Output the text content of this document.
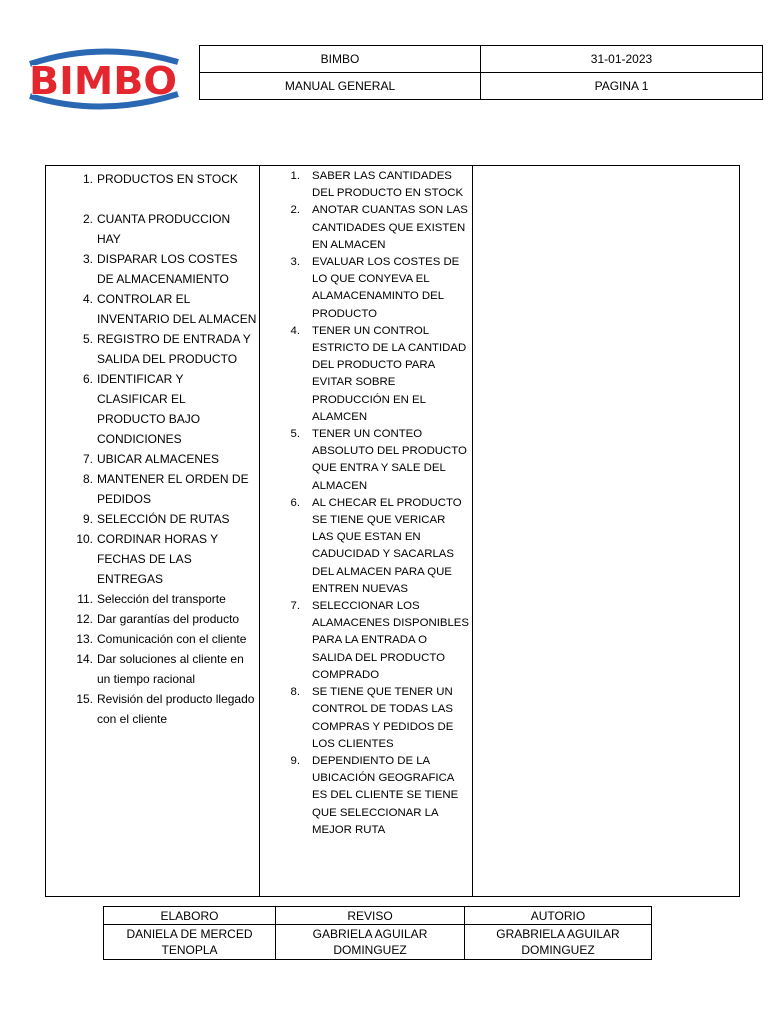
BIMBO	BIMBO	31-01-2023
MANUAL GENERAL	PAGINA 1
1. PRODUCTOS EN STOCK
2. CUANTA PRODUCCION HAY
3. DISPARAR LOS COSTES DE ALMACENAMIENTO
4. CONTROLAR EL INVENTARIO DEL ALMACEN
5. REGISTRO DE ENTRADA Y SALIDA DEL PRODUCTO
6. IDENTIFICAR Y CLASIFICAR EL PRODUCTO BAJO CONDICIONES
7. UBICAR ALMACENES
8. MANTENER EL ORDEN DE PEDIDOS
9. SELECCIÓN DE RUTAS
10. CORDINAR HORAS Y FECHAS DE LAS ENTREGAS
11. Selección del transporte
12. Dar garantías del producto
13. Comunicación con el cliente
14. Dar soluciones al cliente en un tiempo racional
15. Revisión del producto llegado con el cliente
1. SABER LAS CANTIDADES DEL PRODUCTO EN STOCK
2. ANOTAR CUANTAS SON LAS CANTIDADES QUE EXISTEN EN ALMACEN
3. EVALUAR LOS COSTES DE LO QUE CONYEVA EL ALAMACENAMINTO DEL PRODUCTO
4. TENER UN CONTROL ESTRICTO DE LA CANTIDAD DEL PRODUCTO PARA EVITAR SOBRE PRODUCCIÓN EN EL ALAMCEN
5. TENER UN CONTEO ABSOLUTO DEL PRODUCTO QUE ENTRA Y SALE DEL ALMACEN
6. AL CHECAR EL PRODUCTO SE TIENE QUE VERICAR LAS QUE ESTAN EN CADUCIDAD Y SACARLAS DEL ALMACEN PARA QUE ENTREN NUEVAS
7. SELECCIONAR LOS ALAMACENES DISPONIBLES PARA LA ENTRADA O SALIDA DEL PRODUCTO COMPRADO
8. SE TIENE QUE TENER UN CONTROL DE TODAS LAS COMPRAS Y PEDIDOS DE LOS CLIENTES
9. DEPENDIENTO DE LA UBICACIÓN GEOGRAFICA ES DEL CLIENTE SE TIENE QUE SELECCIONAR LA MEJOR RUTA
ELABORO	REVISO	AUTORIO
DANIELA DE MERCED TENOPLA	GABRIELA AGUILAR DOMINGUEZ	GRABRIELA AGUILAR DOMINGUEZ
